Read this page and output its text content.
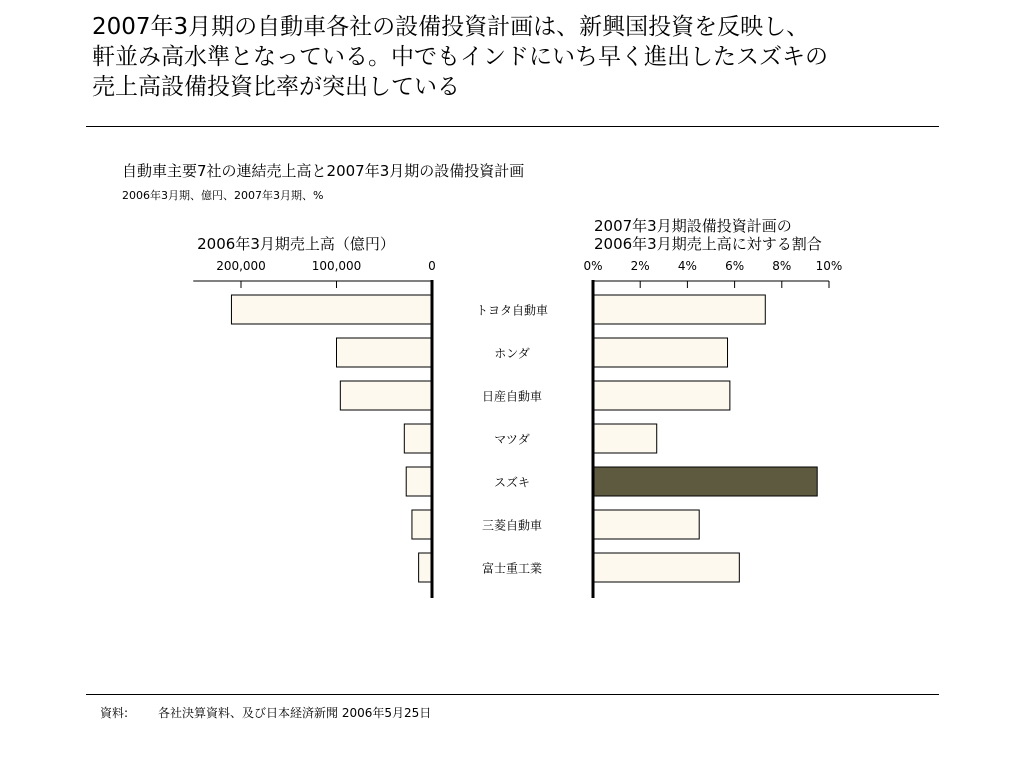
2007年3月期の自動車各社の設備投資計画は、新興国投資を反映し、
軒並み高水準となっている。中でもインドにいち早く進出したスズキの
売上高設備投資比率が突出している
自動車主要7社の連結売上高と2007年3月期の設備投資計画
2006年3月期、億円、2007年3月期、%
2006年3月期売上高（億円）
2007年3月期設備投資計画の
2006年3月期売上高に対する割合
200,000	100,000	0	0% 2% 4% 6% 8% 10%
トヨタ自動車
ホンダ
日産自動車
マツダ
スズキ
三菱自動車
富士重工業
資料: 各社決算資料、及び日本経済新聞 2006年5月25日
